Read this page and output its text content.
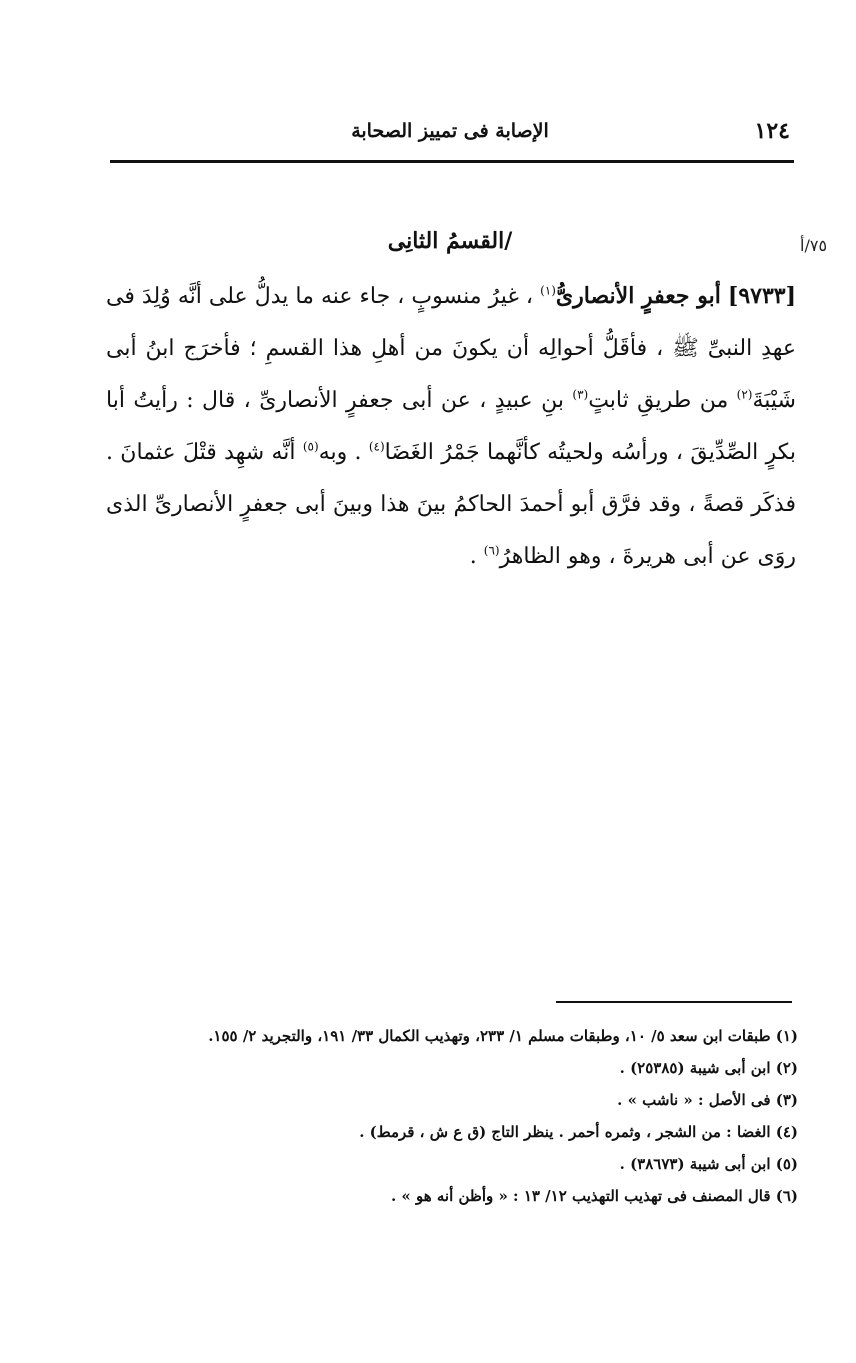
١٢٤
الإصابة فى تمييز الصحابة
٧٥/أ
/القسمُ الثانِى

[٩٧٣٣] أبو جعفرٍ الأنصارىُّ$^{(١)}$ ، غيرُ منسوبٍ ، جاء عنه ما يدلُّ على أنَّه وُلِدَ فى عهدِ النبىِّ ﷺ ، فأقَلُّ أحوالِه أن يكونَ من أهلِ هذا القسمِ ؛ فأخرَج ابنُ أبى شَيْبَةَ$^{(٢)}$ من طريقِ ثابتٍ$^{(٣)}$ بنِ عبيدٍ ، عن أبى جعفرٍ الأنصارىِّ ، قال : رأيتُ أبا بكرٍ الصِّدِّيقَ ، ورأسُه ولحيتُه كأنَّهما جَمْرُ الغَضَا$^{(٤)}$ . وبه$^{(٥)}$ أنَّه شهِد قتْلَ عثمانَ . فذكَر قصةً ، وقد فرَّق أبو أحمدَ الحاكمُ بينَ هذا وبينَ أبى جعفرٍ الأنصارىِّ الذى روَى عن أبى هريرةَ ، وهو الظاهرُ$^{(٦)}$ .

(١) طبقات ابن سعد ٥/ ١٠، وطبقات مسلم ١/ ٢٣٣، وتهذيب الكمال ٣٣/ ١٩١، والتجريد ٢/ ١٥٥.
(٢) ابن أبى شيبة (٢٥٣٨٥) .
(٣) فى الأصل : « ناشب » .
(٤) الغضا : من الشجر ، وثمره أحمر . ينظر التاج (ق ع ش ، قرمط) .
(٥) ابن أبى شيبة (٣٨٦٧٣) .
(٦) قال المصنف فى تهذيب التهذيب ١٢/ ١٣ : « وأظن أنه هو » .
